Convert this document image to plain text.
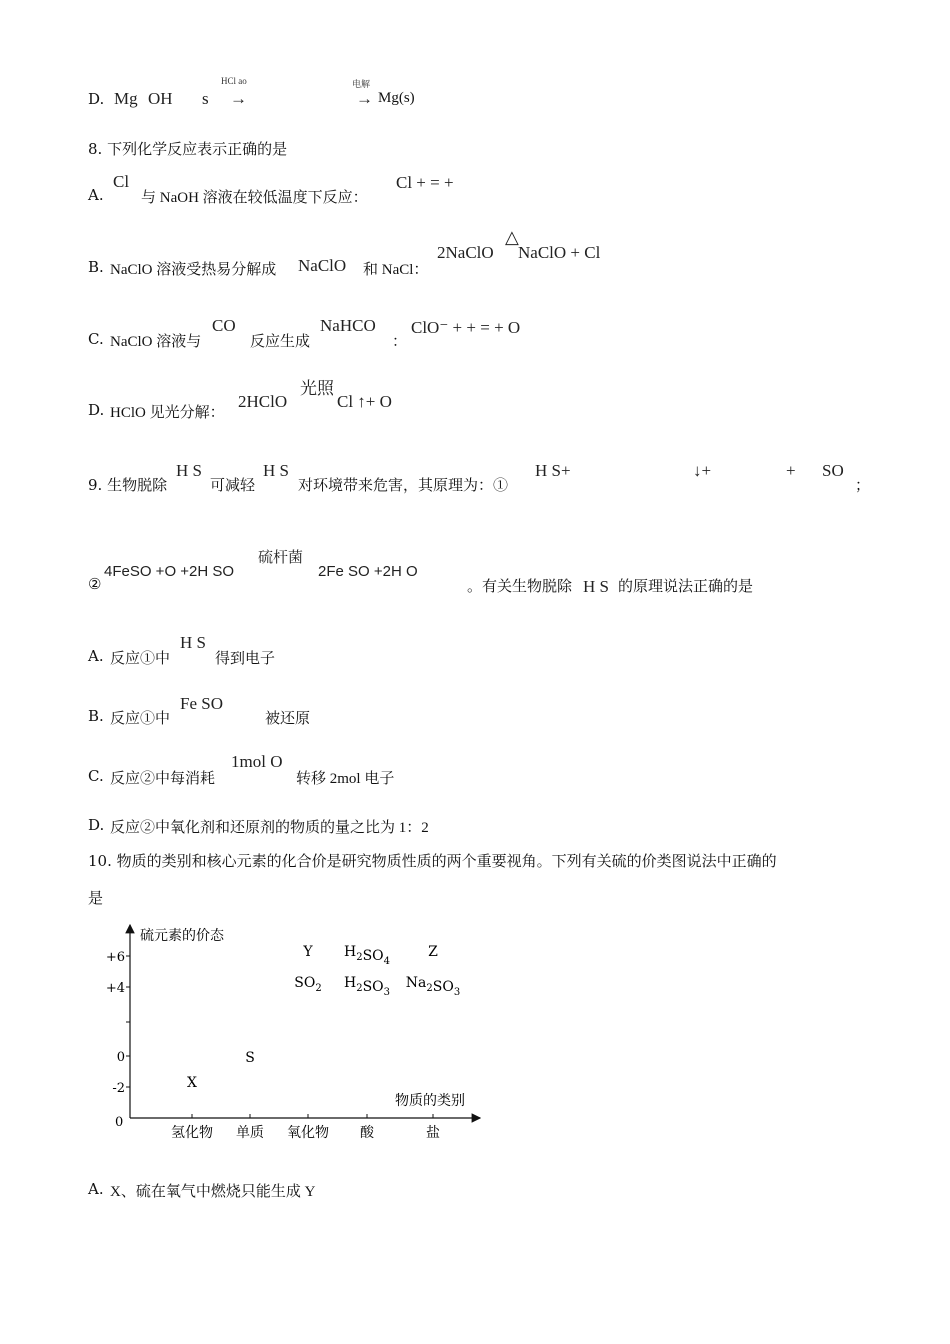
D. Mg OH s
HCl ao
→
电解
→ Mg(s)
8. 下列化学反应表示正确的是
A.
Cl
与 NaOH 溶液在较低温度下反应：
Cl + = +
B. NaClO 溶液受热易分解成 NaClO 和 NaCl：
2NaClO
△
NaClO + Cl
C. NaClO 溶液与
CO
反应生成
NaHCO
：
ClO⁻ + + = + O
D. HClO 见光分解：
2HClO
光照
Cl ↑+ O
9. 生物脱除
H S
可减轻
H S
对环境带来危害，其原理为：①
H S+	↓+	+ SO
；
②
4FeSO +O +2H SO
硫杆菌
2Fe SO +2H O
。有关生物脱除 H S 的原理说法正确的是
A. 反应①中
H S
得到电子
B. 反应①中
Fe SO
被还原
C. 反应②中每消耗
1mol O
转移 2mol 电子
D. 反应②中氧化剂和还原剂的物质的量之比为 1：2
10. 物质的类别和核心元素的化合价是研究物质性质的两个重要视角。下列有关硫的价类图说法中正确的
是
硫元素的价态
物质的类别
0
+6
+4
0
-2
氢化物 单质 氧化物 酸	盐
X
S
Y
$SO_2$
$H_2SO_4$
$H_2SO_3$
Z
$Na_2SO_3$
A. X、硫在氧气中燃烧只能生成 Y
